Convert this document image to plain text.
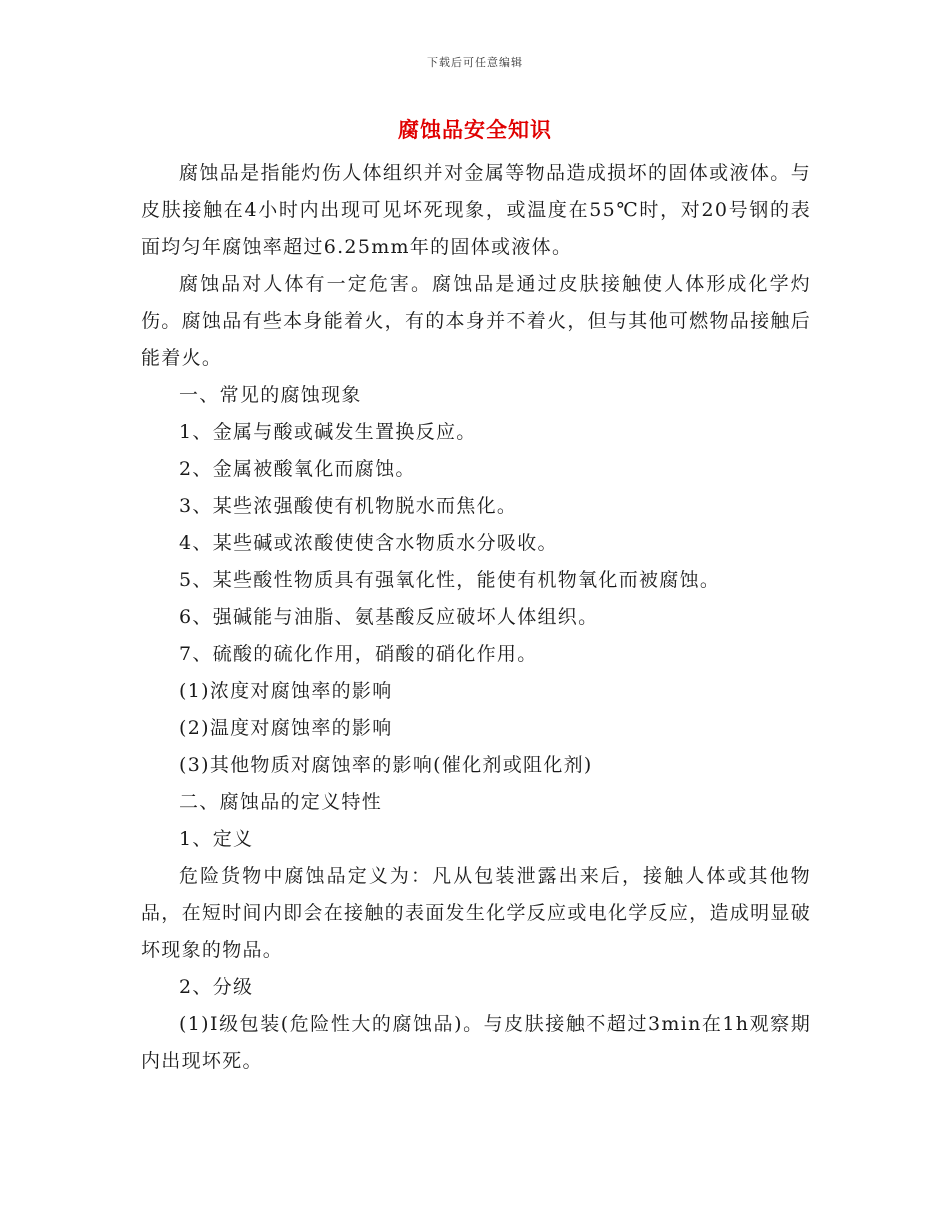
下载后可任意编辑
腐蚀品安全知识

腐蚀品是指能灼伤人体组织并对金属等物品造成损坏的固体或液体。与皮肤接触在4小时内出现可见坏死现象，或温度在55℃时，对20号钢的表面均匀年腐蚀率超过6.25mm年的固体或液体。

腐蚀品对人体有一定危害。腐蚀品是通过皮肤接触使人体形成化学灼伤。腐蚀品有些本身能着火，有的本身并不着火，但与其他可燃物品接触后能着火。

一、常见的腐蚀现象

1、金属与酸或碱发生置换反应。

2、金属被酸氧化而腐蚀。

3、某些浓强酸使有机物脱水而焦化。

4、某些碱或浓酸使使含水物质水分吸收。

5、某些酸性物质具有强氧化性，能使有机物氧化而被腐蚀。

6、强碱能与油脂、氨基酸反应破坏人体组织。

7、硫酸的硫化作用，硝酸的硝化作用。

(1)浓度对腐蚀率的影响

(2)温度对腐蚀率的影响

(3)其他物质对腐蚀率的影响(催化剂或阻化剂)

二、腐蚀品的定义特性

1、定义

危险货物中腐蚀品定义为：凡从包装泄露出来后，接触人体或其他物品，在短时间内即会在接触的表面发生化学反应或电化学反应，造成明显破坏现象的物品。

2、分级

(1)Ⅰ级包装(危险性大的腐蚀品)。与皮肤接触不超过3min在1h观察期内出现坏死。
